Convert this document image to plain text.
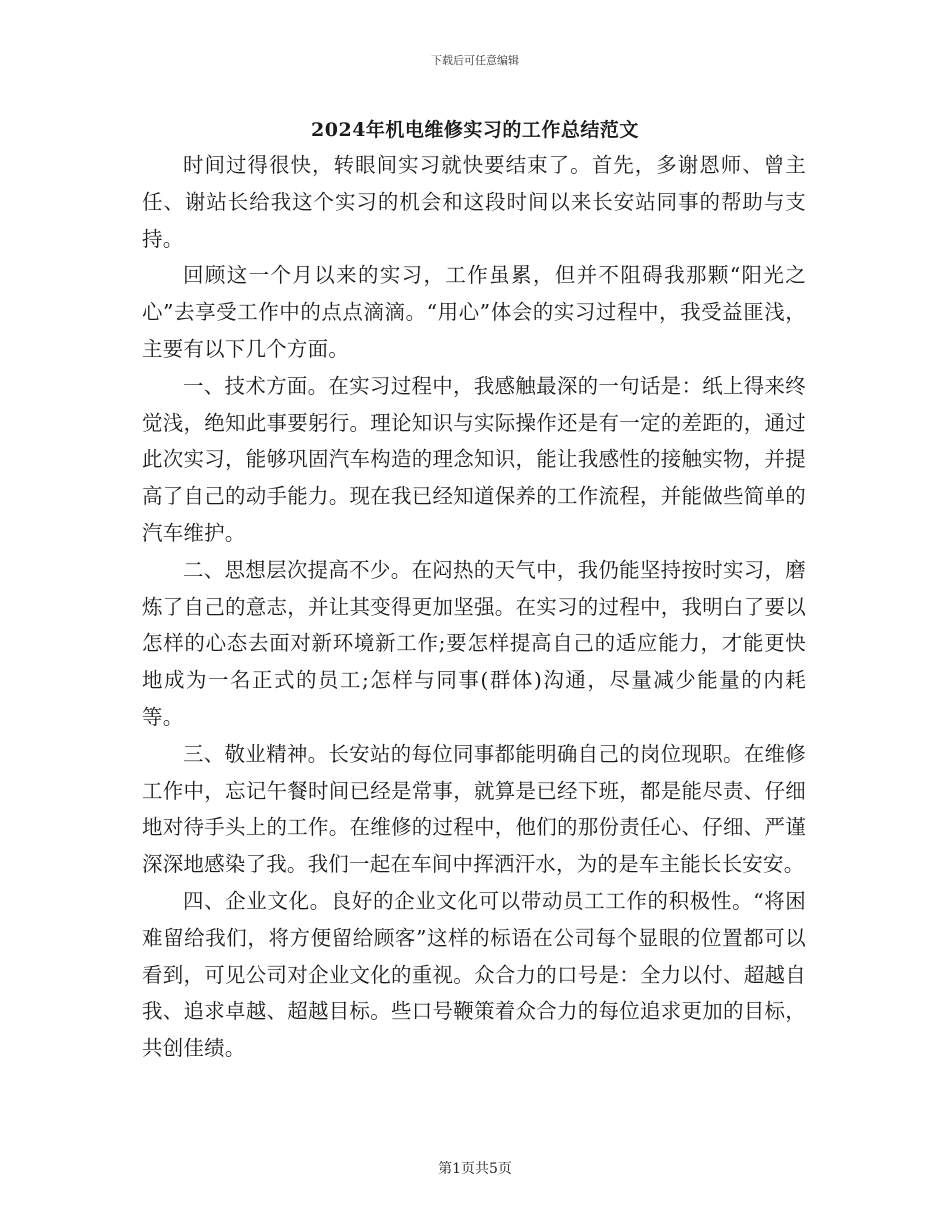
下载后可任意编辑
2024年机电维修实习的工作总结范文

时间过得很快，转眼间实习就快要结束了。首先，多谢恩师、曾主任、谢站长给我这个实习的机会和这段时间以来长安站同事的帮助与支持。

回顾这一个月以来的实习，工作虽累，但并不阻碍我那颗“阳光之心”去享受工作中的点点滴滴。“用心”体会的实习过程中，我受益匪浅，主要有以下几个方面。

一、技术方面。在实习过程中，我感触最深的一句话是：纸上得来终觉浅，绝知此事要躬行。理论知识与实际操作还是有一定的差距的，通过此次实习，能够巩固汽车构造的理念知识，能让我感性的接触实物，并提高了自己的动手能力。现在我已经知道保养的工作流程，并能做些简单的汽车维护。

二、思想层次提高不少。在闷热的天气中，我仍能坚持按时实习，磨炼了自己的意志，并让其变得更加坚强。在实习的过程中，我明白了要以怎样的心态去面对新环境新工作;要怎样提高自己的适应能力，才能更快地成为一名正式的员工;怎样与同事(群体)沟通，尽量减少能量的内耗等。

三、敬业精神。长安站的每位同事都能明确自己的岗位现职。在维修工作中，忘记午餐时间已经是常事，就算是已经下班，都是能尽责、仔细地对待手头上的工作。在维修的过程中，他们的那份责任心、仔细、严谨深深地感染了我。我们一起在车间中挥洒汗水，为的是车主能长长安安。

四、企业文化。良好的企业文化可以带动员工工作的积极性。“将困难留给我们，将方便留给顾客”这样的标语在公司每个显眼的位置都可以看到，可见公司对企业文化的重视。众合力的口号是：全力以付、超越自我、追求卓越、超越目标。些口号鞭策着众合力的每位追求更加的目标，共创佳绩。

第1页共5页
